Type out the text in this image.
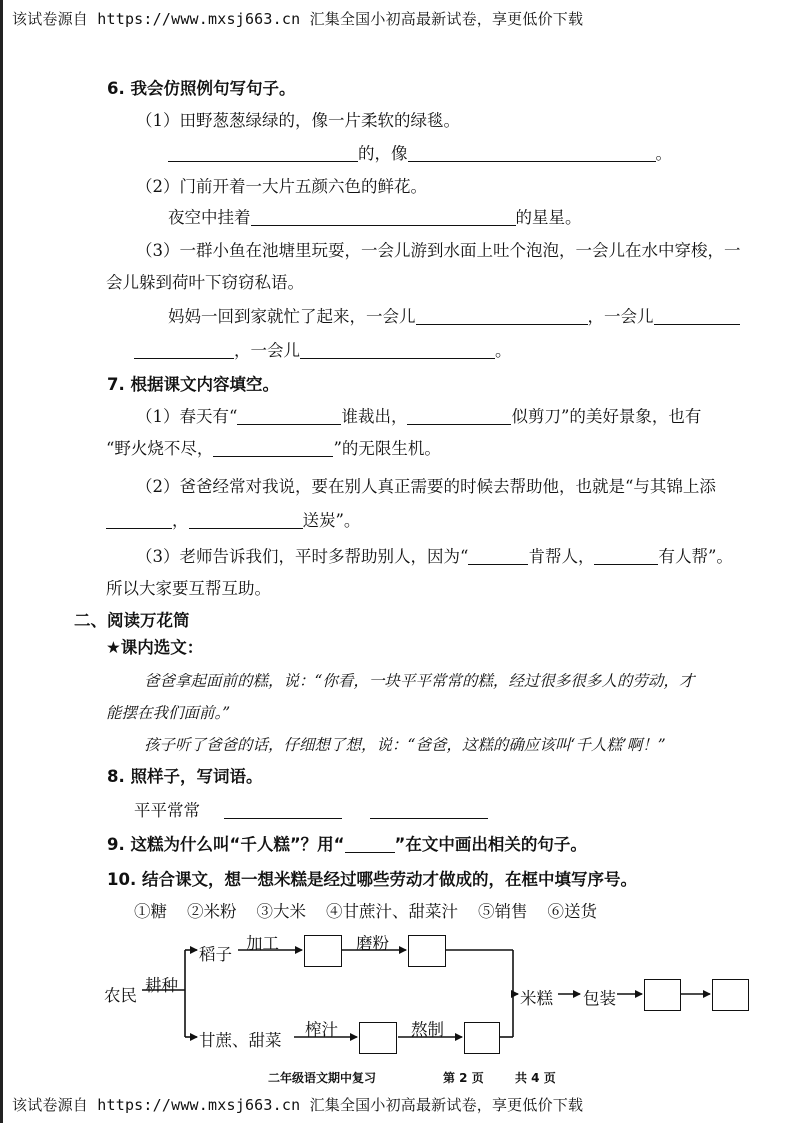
该试卷源自 https://www.mxsj663.cn 汇集全国小初高最新试卷，享更低价下载
6. 我会仿照例句写句子。
（1）田野葱葱绿绿的，像一片柔软的绿毯。
的，像	。
（2）门前开着一大片五颜六色的鲜花。
夜空中挂着	的星星。
（3）一群小鱼在池塘里玩耍，一会儿游到水面上吐个泡泡，一会儿在水中穿梭，一
会儿躲到荷叶下窃窃私语。
妈妈一回到家就忙了起来，一会儿	，一会儿
，一会儿	。
7. 根据课文内容填空。
（1）春天有“	谁裁出，	似剪刀”的美好景象，也有
“野火烧不尽，	”的无限生机。
（2）爸爸经常对我说，要在别人真正需要的时候去帮助他，也就是“与其锦上添
，	送炭”。
（3）老师告诉我们，平时多帮助别人，因为“	肯帮人，	有人帮”。
所以大家要互帮互助。
二、阅读万花筒
★课内选文：
爸爸拿起面前的糕，说：“你看，一块平平常常的糕，经过很多很多人的劳动，才
能摆在我们面前。”
孩子听了爸爸的话，仔细想了想，说：“爸爸，这糕的确应该叫‘千人糕’啊！”
8. 照样子，写词语。
平平常常
9. 这糕为什么叫“千人糕”？用“	”在文中画出相关的句子。
10. 结合课文，想一想米糕是经过哪些劳动才做成的，在框中填写序号。
①糖 ②米粉 ③大米 ④甘蔗汁、甜菜汁 ⑤销售 ⑥送货
农民
耕种
稻子
加工	磨粉
甘蔗、甜菜
榨汁	熬制
米糕 包装
二年级语文期中复习	第 2 页	共 4 页
该试卷源自 https://www.mxsj663.cn 汇集全国小初高最新试卷，享更低价下载
